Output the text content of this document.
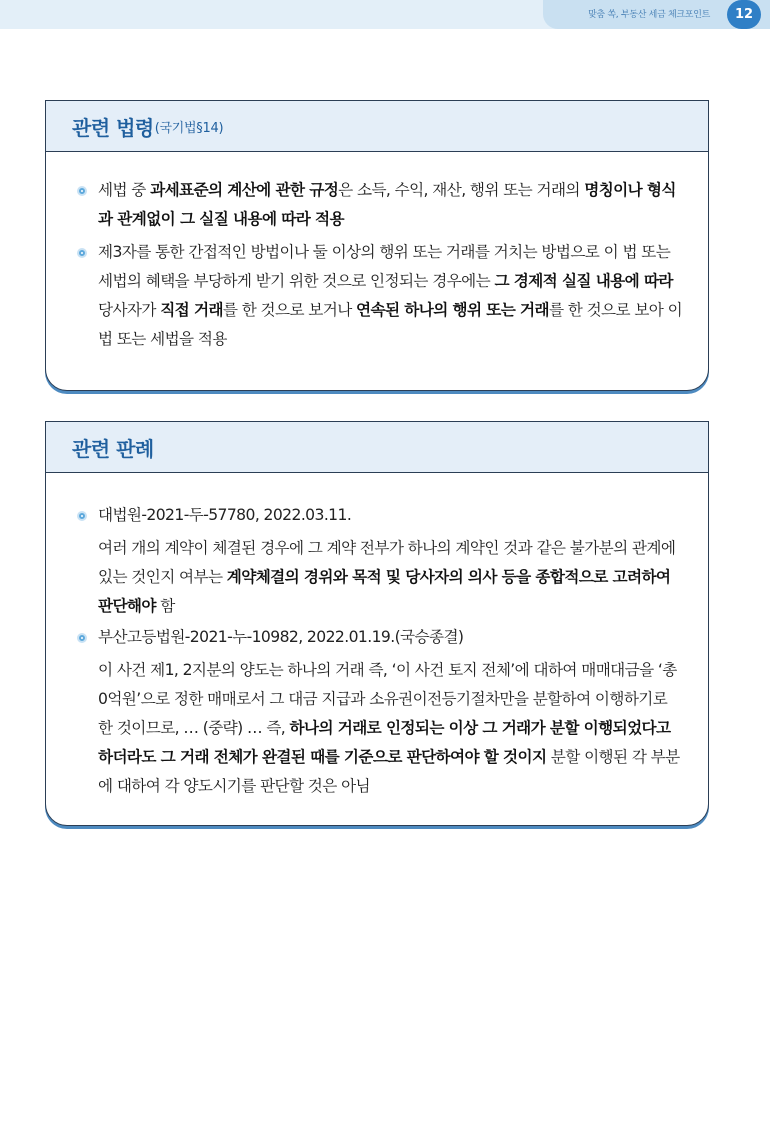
맞춤 쏙, 부동산 세금 체크포인트	12
관련 법령 (국기법§14)
세법 중 과세표준의 계산에 관한 규정은 소득, 수익, 재산, 행위 또는 거래의 명칭이나 형식과 관계없이 그 실질 내용에 따라 적용
제3자를 통한 간접적인 방법이나 둘 이상의 행위 또는 거래를 거치는 방법으로 이 법 또는 세법의 혜택을 부당하게 받기 위한 것으로 인정되는 경우에는 그 경제적 실질 내용에 따라 당사자가 직접 거래를 한 것으로 보거나 연속된 하나의 행위 또는 거래를 한 것으로 보아 이 법 또는 세법을 적용
관련 판례
대법원-2021-두-57780, 2022.03.11.
여러 개의 계약이 체결된 경우에 그 계약 전부가 하나의 계약인 것과 같은 불가분의 관계에 있는 것인지 여부는 계약체결의 경위와 목적 및 당사자의 의사 등을 종합적으로 고려하여 판단해야 함
부산고등법원-2021-누-10982, 2022.01.19.(국승종결)
이 사건 제1, 2지분의 양도는 하나의 거래 즉, ‘이 사건 토지 전체’에 대하여 매매대금을 ‘총 0억원’으로 정한 매매로서 그 대금 지급과 소유권이전등기절차만을 분할하여 이행하기로 한 것이므로, … (중략) … 즉, 하나의 거래로 인정되는 이상 그 거래가 분할 이행되었다고 하더라도 그 거래 전체가 완결된 때를 기준으로 판단하여야 할 것이지 분할 이행된 각 부분에 대하여 각 양도시기를 판단할 것은 아님
